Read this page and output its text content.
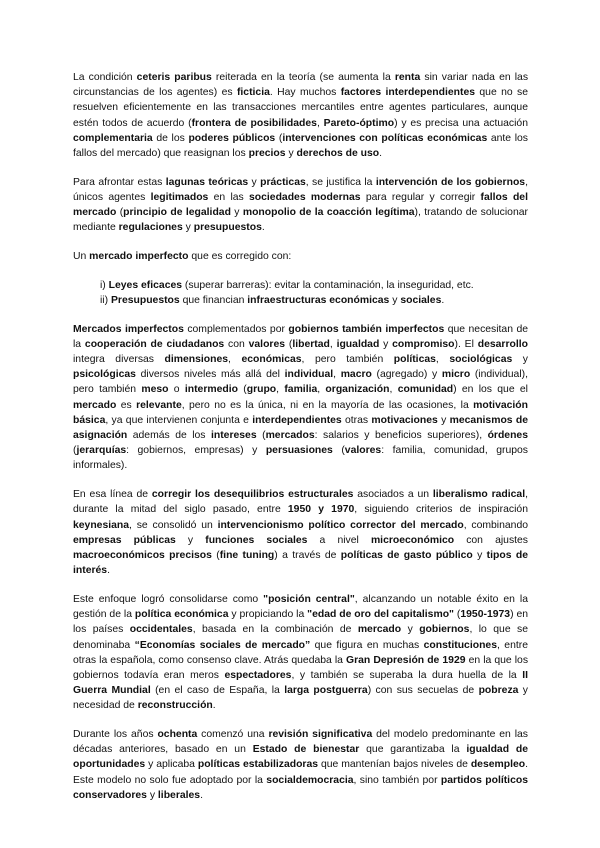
La condición ceteris paribus reiterada en la teoría (se aumenta la renta sin variar nada en las circunstancias de los agentes) es ficticia. Hay muchos factores interdependientes que no se resuelven eficientemente en las transacciones mercantiles entre agentes particulares, aunque estén todos de acuerdo (frontera de posibilidades, Pareto-óptimo) y es precisa una actuación complementaria de los poderes públicos (intervenciones con políticas económicas ante los fallos del mercado) que reasignan los precios y derechos de uso.

Para afrontar estas lagunas teóricas y prácticas, se justifica la intervención de los gobiernos, únicos agentes legitimados en las sociedades modernas para regular y corregir fallos del mercado (principio de legalidad y monopolio de la coacción legítima), tratando de solucionar mediante regulaciones y presupuestos.

Un mercado imperfecto que es corregido con:

i) Leyes eficaces (superar barreras): evitar la contaminación, la inseguridad, etc.
ii) Presupuestos que financian infraestructuras económicas y sociales.

Mercados imperfectos complementados por gobiernos también imperfectos que necesitan de la cooperación de ciudadanos con valores (libertad, igualdad y compromiso). El desarrollo integra diversas dimensiones, económicas, pero también políticas, sociológicas y psicológicas diversos niveles más allá del individual, macro (agregado) y micro (individual), pero también meso o intermedio (grupo, familia, organización, comunidad) en los que el mercado es relevante, pero no es la única, ni en la mayoría de las ocasiones, la motivación básica, ya que intervienen conjunta e interdependientes otras motivaciones y mecanismos de asignación además de los intereses (mercados: salarios y beneficios superiores), órdenes (jerarquías: gobiernos, empresas) y persuasiones (valores: familia, comunidad, grupos informales).

En esa línea de corregir los desequilibrios estructurales asociados a un liberalismo radical, durante la mitad del siglo pasado, entre 1950 y 1970, siguiendo criterios de inspiración keynesiana, se consolidó un intervencionismo político corrector del mercado, combinando empresas públicas y funciones sociales a nivel microeconómico con ajustes macroeconómicos precisos (fine tuning) a través de políticas de gasto público y tipos de interés.

Este enfoque logró consolidarse como "posición central", alcanzando un notable éxito en la gestión de la política económica y propiciando la "edad de oro del capitalismo" (1950-1973) en los países occidentales, basada en la combinación de mercado y gobiernos, lo que se denominaba “Economías sociales de mercado” que figura en muchas constituciones, entre otras la española, como consenso clave. Atrás quedaba la Gran Depresión de 1929 en la que los gobiernos todavía eran meros espectadores, y también se superaba la dura huella de la II Guerra Mundial (en el caso de España, la larga postguerra) con sus secuelas de pobreza y necesidad de reconstrucción.

Durante los años ochenta comenzó una revisión significativa del modelo predominante en las décadas anteriores, basado en un Estado de bienestar que garantizaba la igualdad de oportunidades y aplicaba políticas estabilizadoras que mantenían bajos niveles de desempleo. Este modelo no solo fue adoptado por la socialdemocracia, sino también por partidos políticos conservadores y liberales.
